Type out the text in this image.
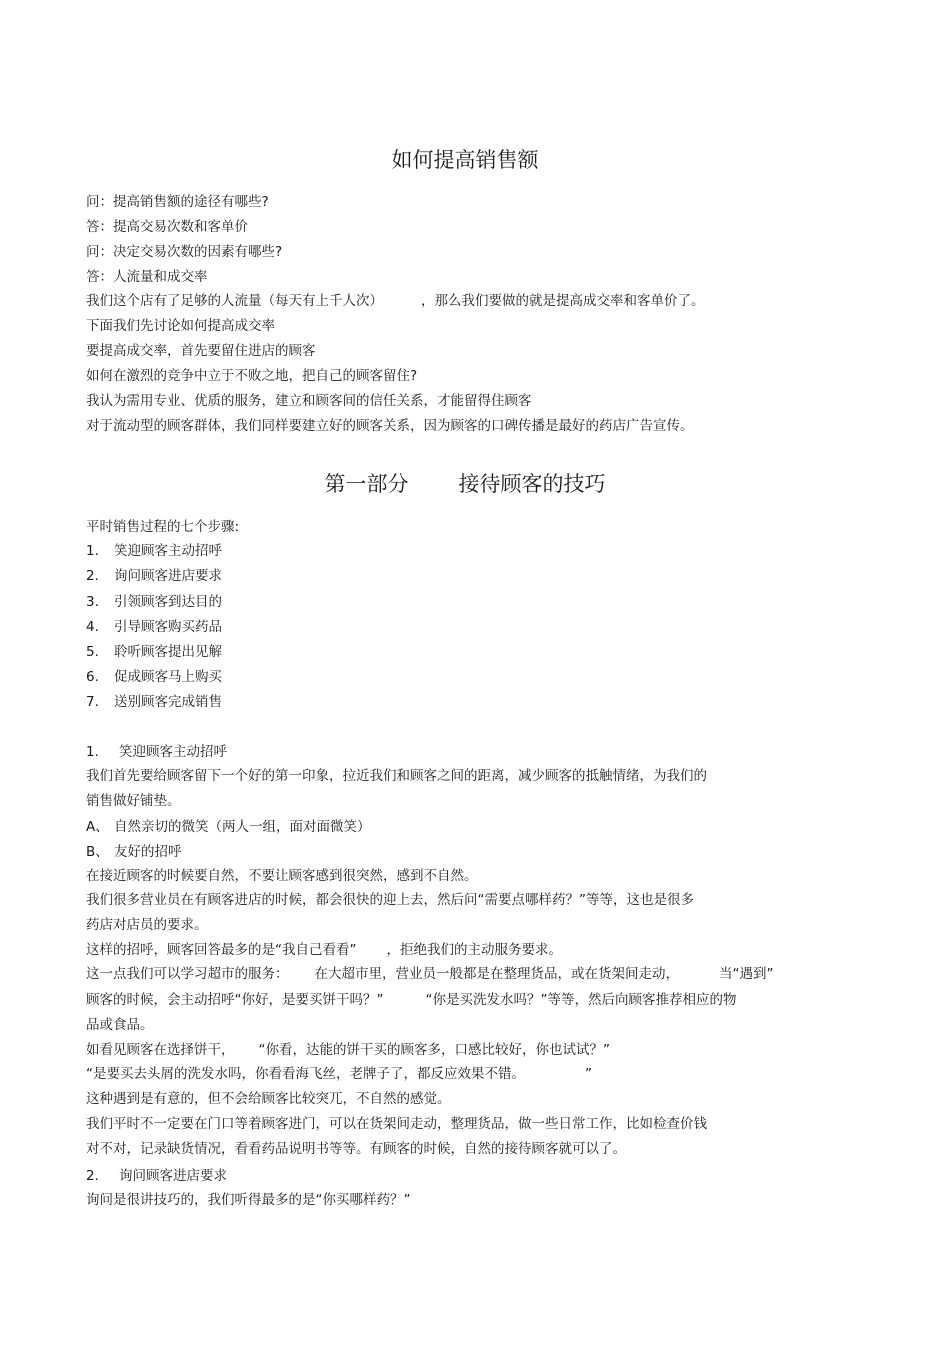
如何提高销售额
问：提高销售额的途径有哪些?
答：提高交易次数和客单价
问：决定交易次数的因素有哪些?
答：人流量和成交率
我们这个店有了足够的人流量（每天有上千人次）	，那么我们要做的就是提高成交率和客单价了。
下面我们先讨论如何提高成交率
要提高成交率，首先要留住进店的顾客
如何在激烈的竞争中立于不败之地，把自己的顾客留住?
我认为需用专业、优质的服务，建立和顾客间的信任关系，才能留得住顾客
对于流动型的顾客群体，我们同样要建立好的顾客关系，因为顾客的口碑传播是最好的药店广告宣传。
第一部分 接待顾客的技巧
平时销售过程的七个步骤:
1. 笑迎顾客主动招呼
2. 询问顾客进店要求
3. 引领顾客到达目的
4. 引导顾客购买药品
5. 聆听顾客提出见解
6. 促成顾客马上购买
7. 送别顾客完成销售
1. 笑迎顾客主动招呼
我们首先要给顾客留下一个好的第一印象，拉近我们和顾客之间的距离，减少顾客的抵触情绪，为我们的
销售做好铺垫。
A、 自然亲切的微笑（两人一组，面对面微笑）
B、 友好的招呼
在接近顾客的时候要自然，不要让顾客感到很突然，感到不自然。
我们很多营业员在有顾客进店的时候，都会很快的迎上去，然后问“需要点哪样药？”等等，这也是很多
药店对店员的要求。
这样的招呼，顾客回答最多的是“我自己看看” ，拒绝我们的主动服务要求。
这一点我们可以学习超市的服务： 在大超市里，营业员一般都是在整理货品，或在货架间走动，	当“遇到”
顾客的时候，会主动招呼“你好，是要买饼干吗？”	“你是买洗发水吗？”等等，然后向顾客推荐相应的物
品或食品。
如看见顾客在选择饼干， “你看，达能的饼干买的顾客多，口感比较好，你也试试？”
“是要买去头屑的洗发水吗，你看看海飞丝，老牌子了，都反应效果不错。	”
这种遇到是有意的，但不会给顾客比较突兀，不自然的感觉。
我们平时不一定要在门口等着顾客进门，可以在货架间走动，整理货品，做一些日常工作，比如检查价钱
对不对，记录缺货情况，看看药品说明书等等。有顾客的时候，自然的接待顾客就可以了。
2. 询问顾客进店要求
询问是很讲技巧的，我们听得最多的是“你买哪样药？”
